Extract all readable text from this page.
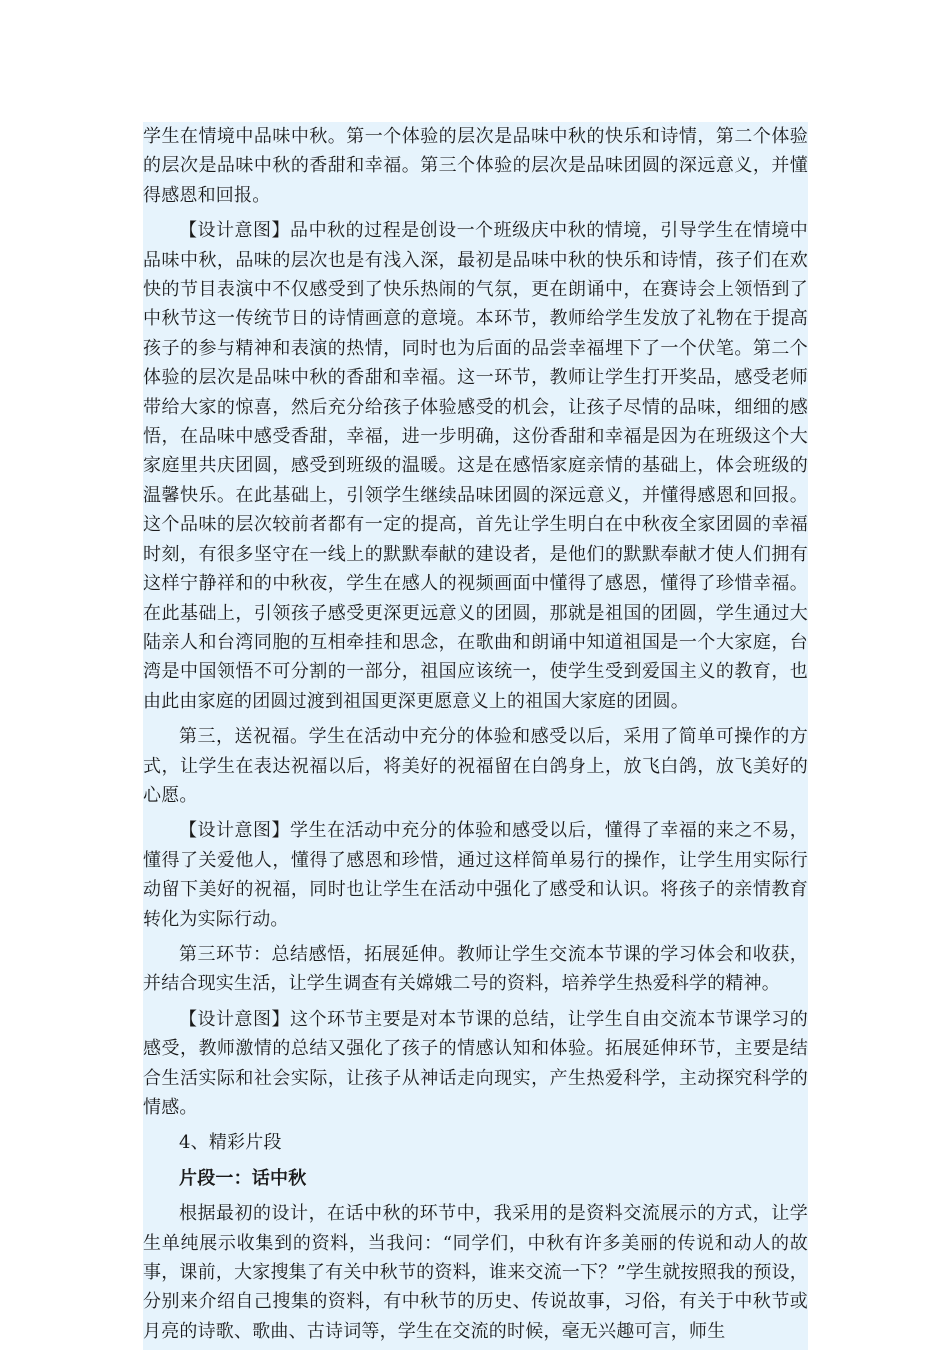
学生在情境中品味中秋。第一个体验的层次是品味中秋的快乐和诗情，第二个体验的层次是品味中秋的香甜和幸福。第三个体验的层次是品味团圆的深远意义，并懂得感恩和回报。

【设计意图】品中秋的过程是创设一个班级庆中秋的情境，引导学生在情境中品味中秋，品味的层次也是有浅入深，最初是品味中秋的快乐和诗情，孩子们在欢快的节目表演中不仅感受到了快乐热闹的气氛，更在朗诵中，在赛诗会上领悟到了中秋节这一传统节日的诗情画意的意境。本环节，教师给学生发放了礼物在于提高孩子的参与精神和表演的热情，同时也为后面的品尝幸福埋下了一个伏笔。第二个体验的层次是品味中秋的香甜和幸福。这一环节，教师让学生打开奖品，感受老师带给大家的惊喜，然后充分给孩子体验感受的机会，让孩子尽情的品味，细细的感悟，在品味中感受香甜，幸福，进一步明确，这份香甜和幸福是因为在班级这个大家庭里共庆团圆，感受到班级的温暖。这是在感悟家庭亲情的基础上，体会班级的温馨快乐。在此基础上，引领学生继续品味团圆的深远意义，并懂得感恩和回报。这个品味的层次较前者都有一定的提高，首先让学生明白在中秋夜全家团圆的幸福时刻，有很多坚守在一线上的默默奉献的建设者，是他们的默默奉献才使人们拥有这样宁静祥和的中秋夜，学生在感人的视频画面中懂得了感恩，懂得了珍惜幸福。在此基础上，引领孩子感受更深更远意义的团圆，那就是祖国的团圆，学生通过大陆亲人和台湾同胞的互相牵挂和思念，在歌曲和朗诵中知道祖国是一个大家庭，台湾是中国领悟不可分割的一部分，祖国应该统一，使学生受到爱国主义的教育，也由此由家庭的团圆过渡到祖国更深更愿意义上的祖国大家庭的团圆。

第三，送祝福。学生在活动中充分的体验和感受以后，采用了简单可操作的方式，让学生在表达祝福以后，将美好的祝福留在白鸽身上，放飞白鸽，放飞美好的心愿。

【设计意图】学生在活动中充分的体验和感受以后，懂得了幸福的来之不易，懂得了关爱他人，懂得了感恩和珍惜，通过这样简单易行的操作，让学生用实际行动留下美好的祝福，同时也让学生在活动中强化了感受和认识。将孩子的亲情教育转化为实际行动。

第三环节：总结感悟，拓展延伸。教师让学生交流本节课的学习体会和收获，并结合现实生活，让学生调查有关嫦娥二号的资料，培养学生热爱科学的精神。

【设计意图】这个环节主要是对本节课的总结，让学生自由交流本节课学习的感受，教师激情的总结又强化了孩子的情感认知和体验。拓展延伸环节，主要是结合生活实际和社会实际，让孩子从神话走向现实，产生热爱科学，主动探究科学的情感。

4、精彩片段

片段一：话中秋

根据最初的设计，在话中秋的环节中，我采用的是资料交流展示的方式，让学生单纯展示收集到的资料，当我问：“同学们，中秋有许多美丽的传说和动人的故事，课前，大家搜集了有关中秋节的资料，谁来交流一下？”学生就按照我的预设，分别来介绍自己搜集的资料，有中秋节的历史、传说故事，习俗，有关于中秋节或月亮的诗歌、歌曲、古诗词等，学生在交流的时候，毫无兴趣可言，师生
